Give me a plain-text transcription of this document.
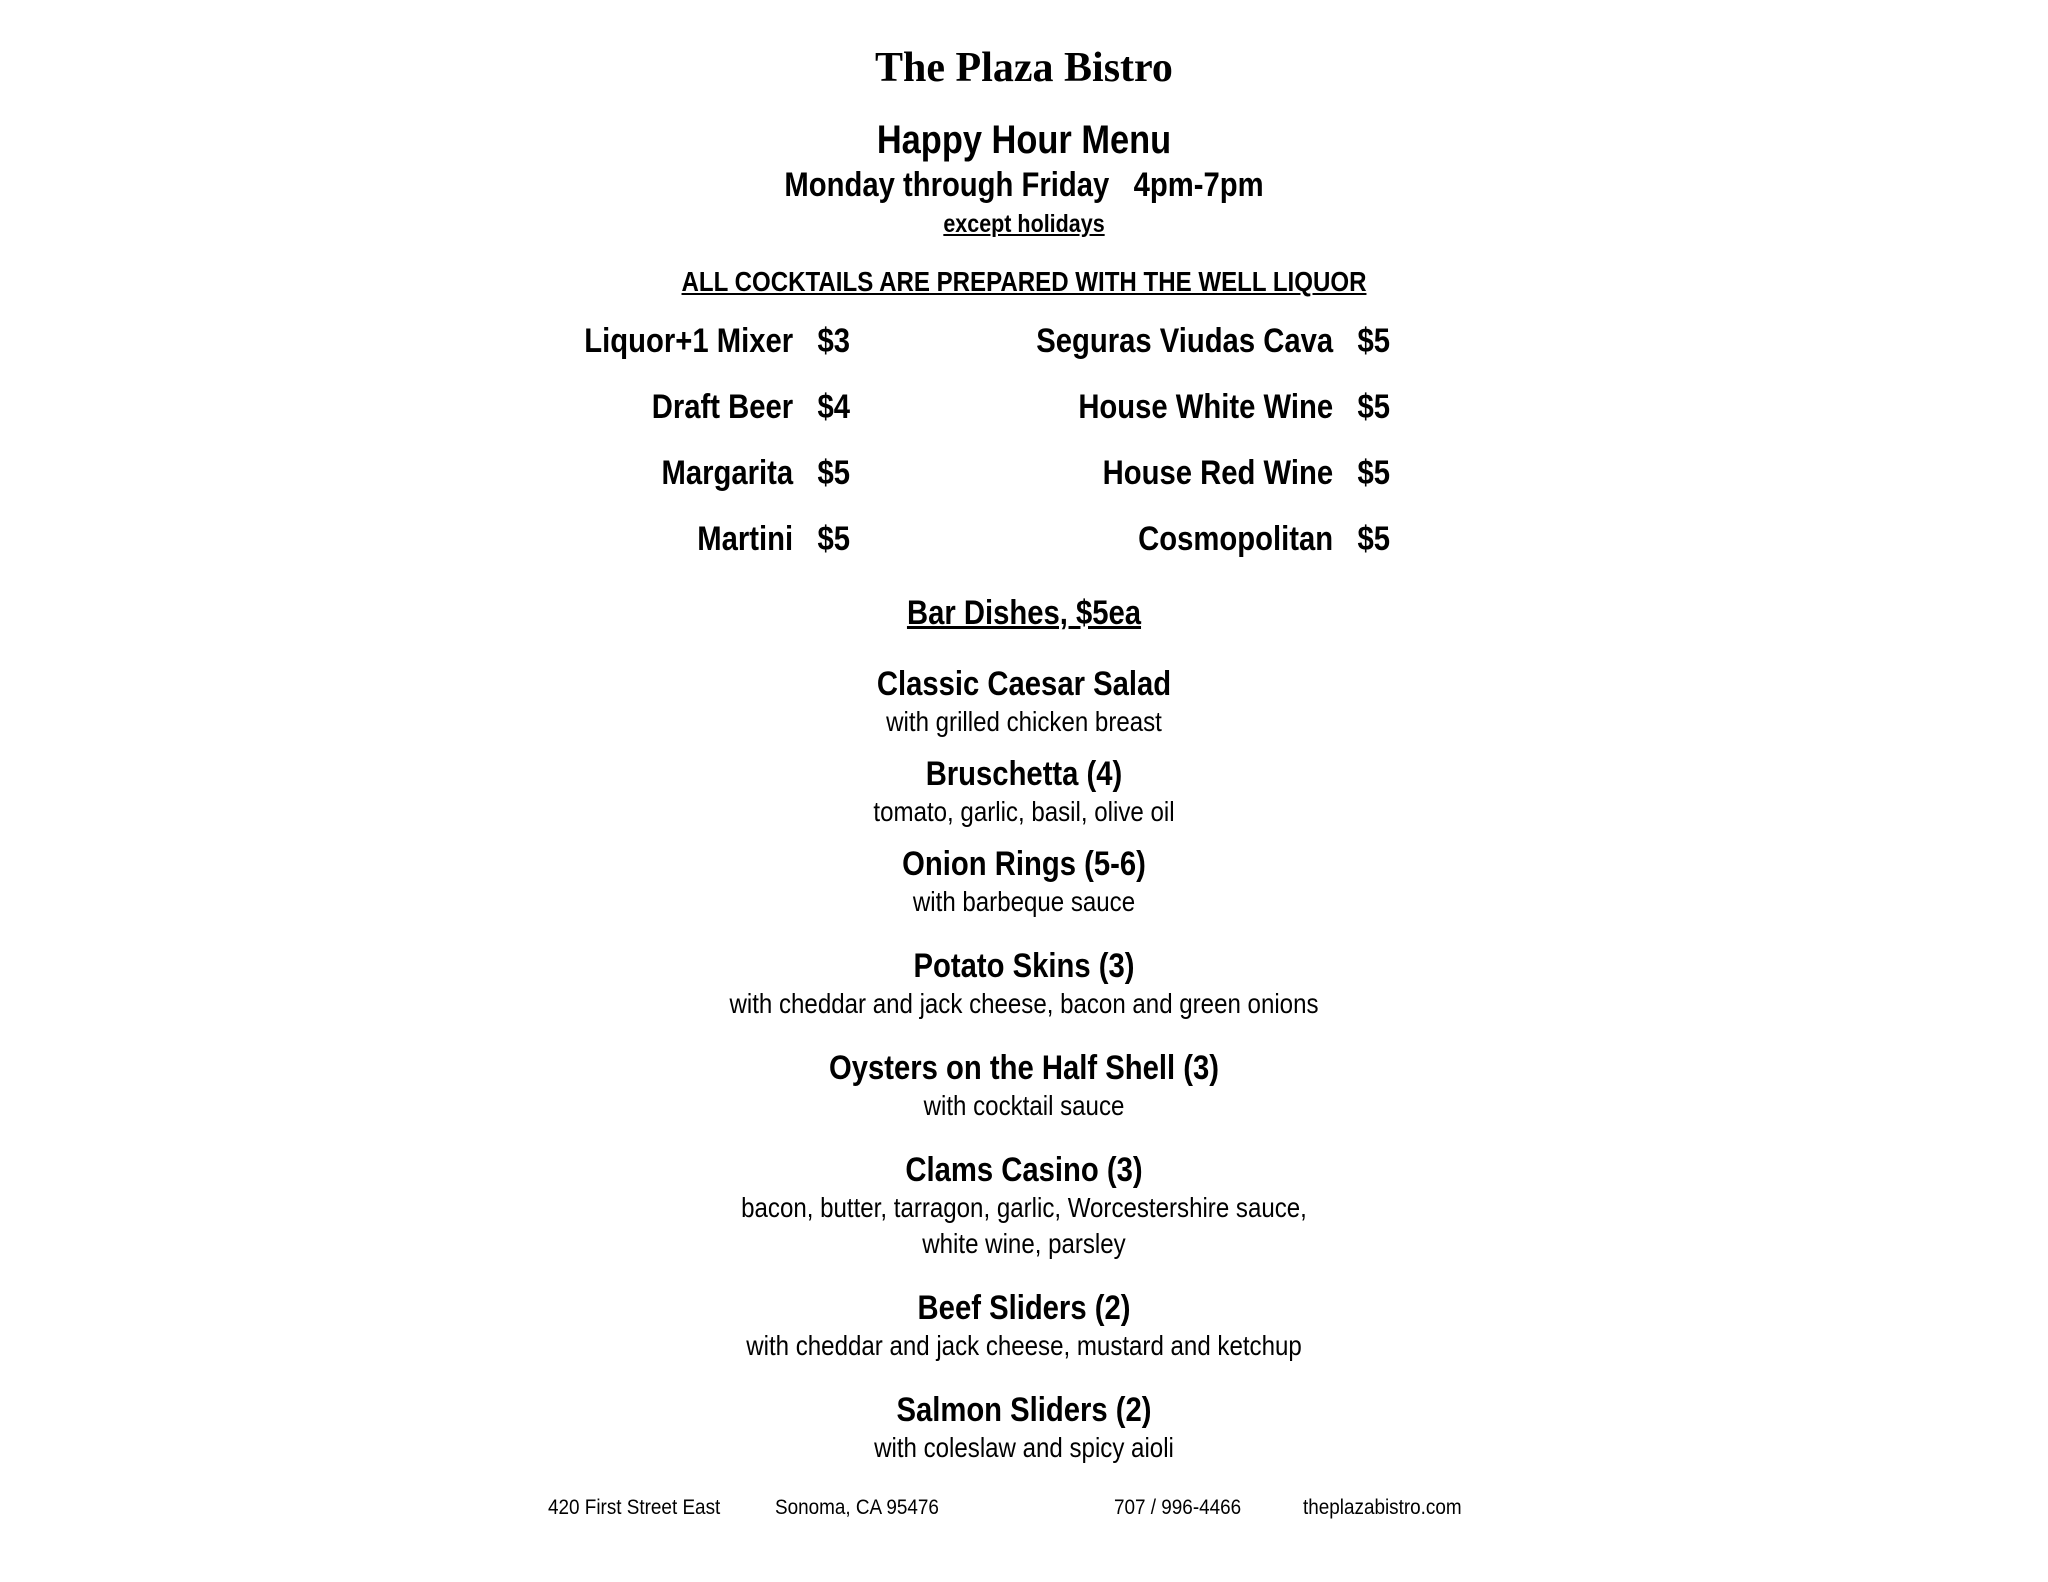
The Plaza Bistro
Happy Hour Menu
Monday through Friday   4pm-7pm
except holidays
ALL COCKTAILS ARE PREPARED WITH THE WELL LIQUOR
Liquor+1 Mixer   $3
Draft Beer   $4
Margarita   $5
Martini   $5
Seguras Viudas Cava   $5
House White Wine   $5
House Red Wine   $5
Cosmopolitan   $5
Bar Dishes, $5ea
Classic Caesar Salad
with grilled chicken breast
Bruschetta (4)
tomato, garlic, basil, olive oil
Onion Rings (5-6)
with barbeque sauce
Potato Skins (3)
with cheddar and jack cheese, bacon and green onions
Oysters on the Half Shell (3)
with cocktail sauce
Clams Casino (3)
bacon, butter, tarragon, garlic, Worcestershire sauce,
white wine, parsley
Beef Sliders (2)
with cheddar and jack cheese, mustard and ketchup
Salmon Sliders (2)
with coleslaw and spicy aioli
420 First Street East	Sonoma, CA 95476	707 / 996-4466	theplazabistro.com
